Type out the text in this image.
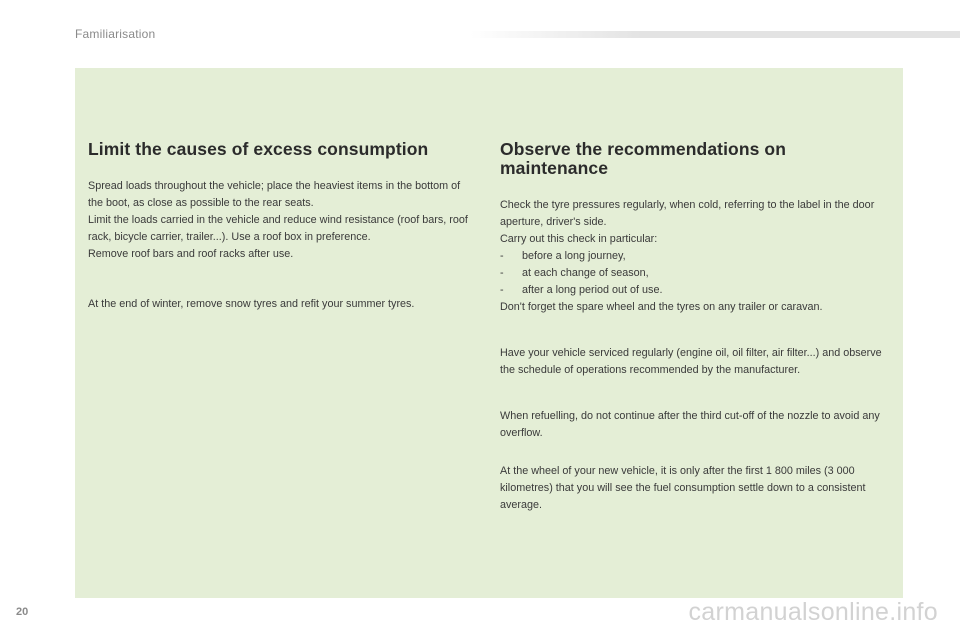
Familiarisation
Limit the causes of excess consumption

Spread loads throughout the vehicle; place the heaviest items in the bottom of the boot, as close as possible to the rear seats.

Limit the loads carried in the vehicle and reduce wind resistance (roof bars, roof rack, bicycle carrier, trailer...). Use a roof box in preference.

Remove roof bars and roof racks after use.

At the end of winter, remove snow tyres and refit your summer tyres.

Observe the recommendations on
maintenance

Check the tyre pressures regularly, when cold, referring to the label in the door aperture, driver's side.

Carry out this check in particular:

-	before a long journey,

-	at each change of season,

-	after a long period out of use.

Don't forget the spare wheel and the tyres on any trailer or caravan.

Have your vehicle serviced regularly (engine oil, oil filter, air filter...) and observe the schedule of operations recommended by the manufacturer.

When refuelling, do not continue after the third cut-off of the nozzle to avoid any overflow.

At the wheel of your new vehicle, it is only after the first 1 800 miles (3 000 kilometres) that you will see the fuel consumption settle down to a consistent average.

20	carmanualsonline.info
